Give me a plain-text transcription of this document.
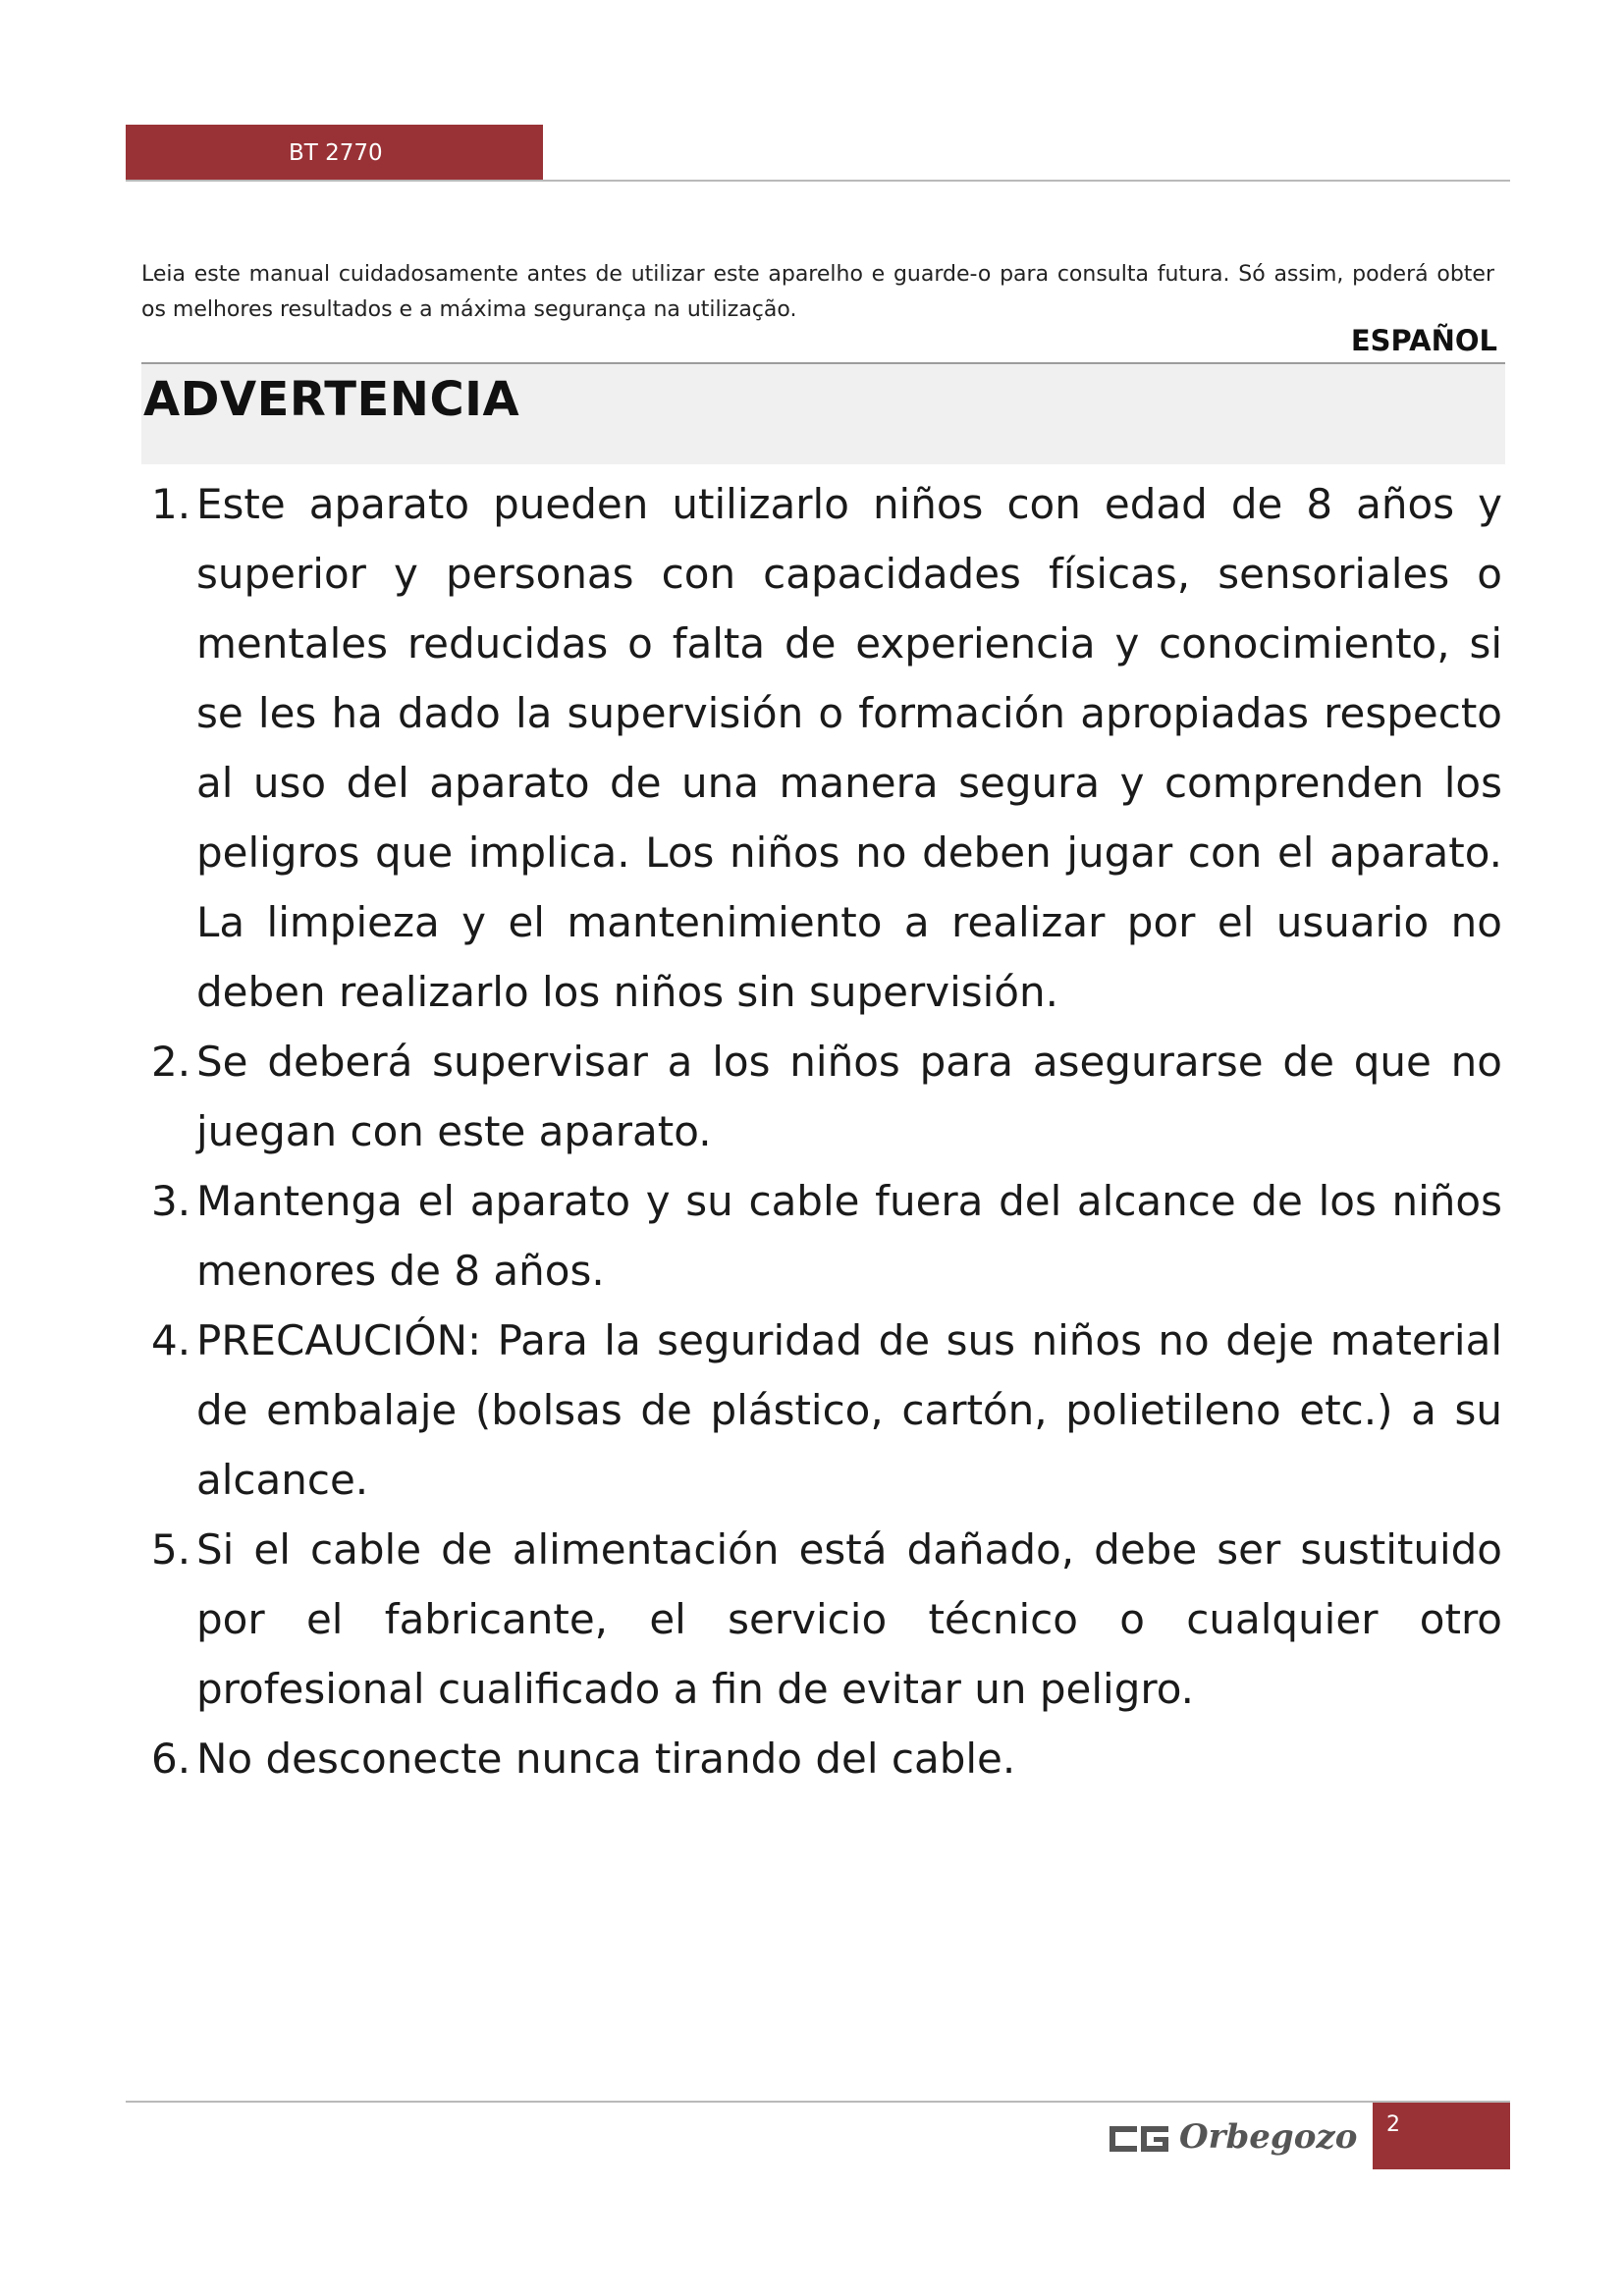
BT 2770
Leia este manual cuidadosamente antes de utilizar este aparelho e guarde-o para consulta futura. Só assim, poderá obter os melhores resultados e a máxima segurança na utilização.
ESPAÑOL
ADVERTENCIA
1. Este aparato pueden utilizarlo niños con edad de 8 años y superior y personas con capacidades físicas, sensoriales o mentales reducidas o falta de experiencia y conocimiento, si se les ha dado la supervisión o formación apropiadas respecto al uso del aparato de una manera segura y comprenden los peligros que implica. Los niños no deben jugar con el aparato. La limpieza y el mantenimiento a realizar por el usuario no deben realizarlo los niños sin supervisión.
2. Se deberá supervisar a los niños para asegurarse de que no juegan con este aparato.
3. Mantenga el aparato y su cable fuera del alcance de los niños menores de 8 años.
4. PRECAUCIÓN: Para la seguridad de sus niños no deje material de embalaje (bolsas de plástico, cartón, polietileno etc.) a su alcance.
5. Si el cable de alimentación está dañado, debe ser sustituido por el fabricante, el servicio técnico o cualquier otro profesional cualificado a fin de evitar un peligro.
6. No desconecte nunca tirando del cable.
Orbegozo	2
